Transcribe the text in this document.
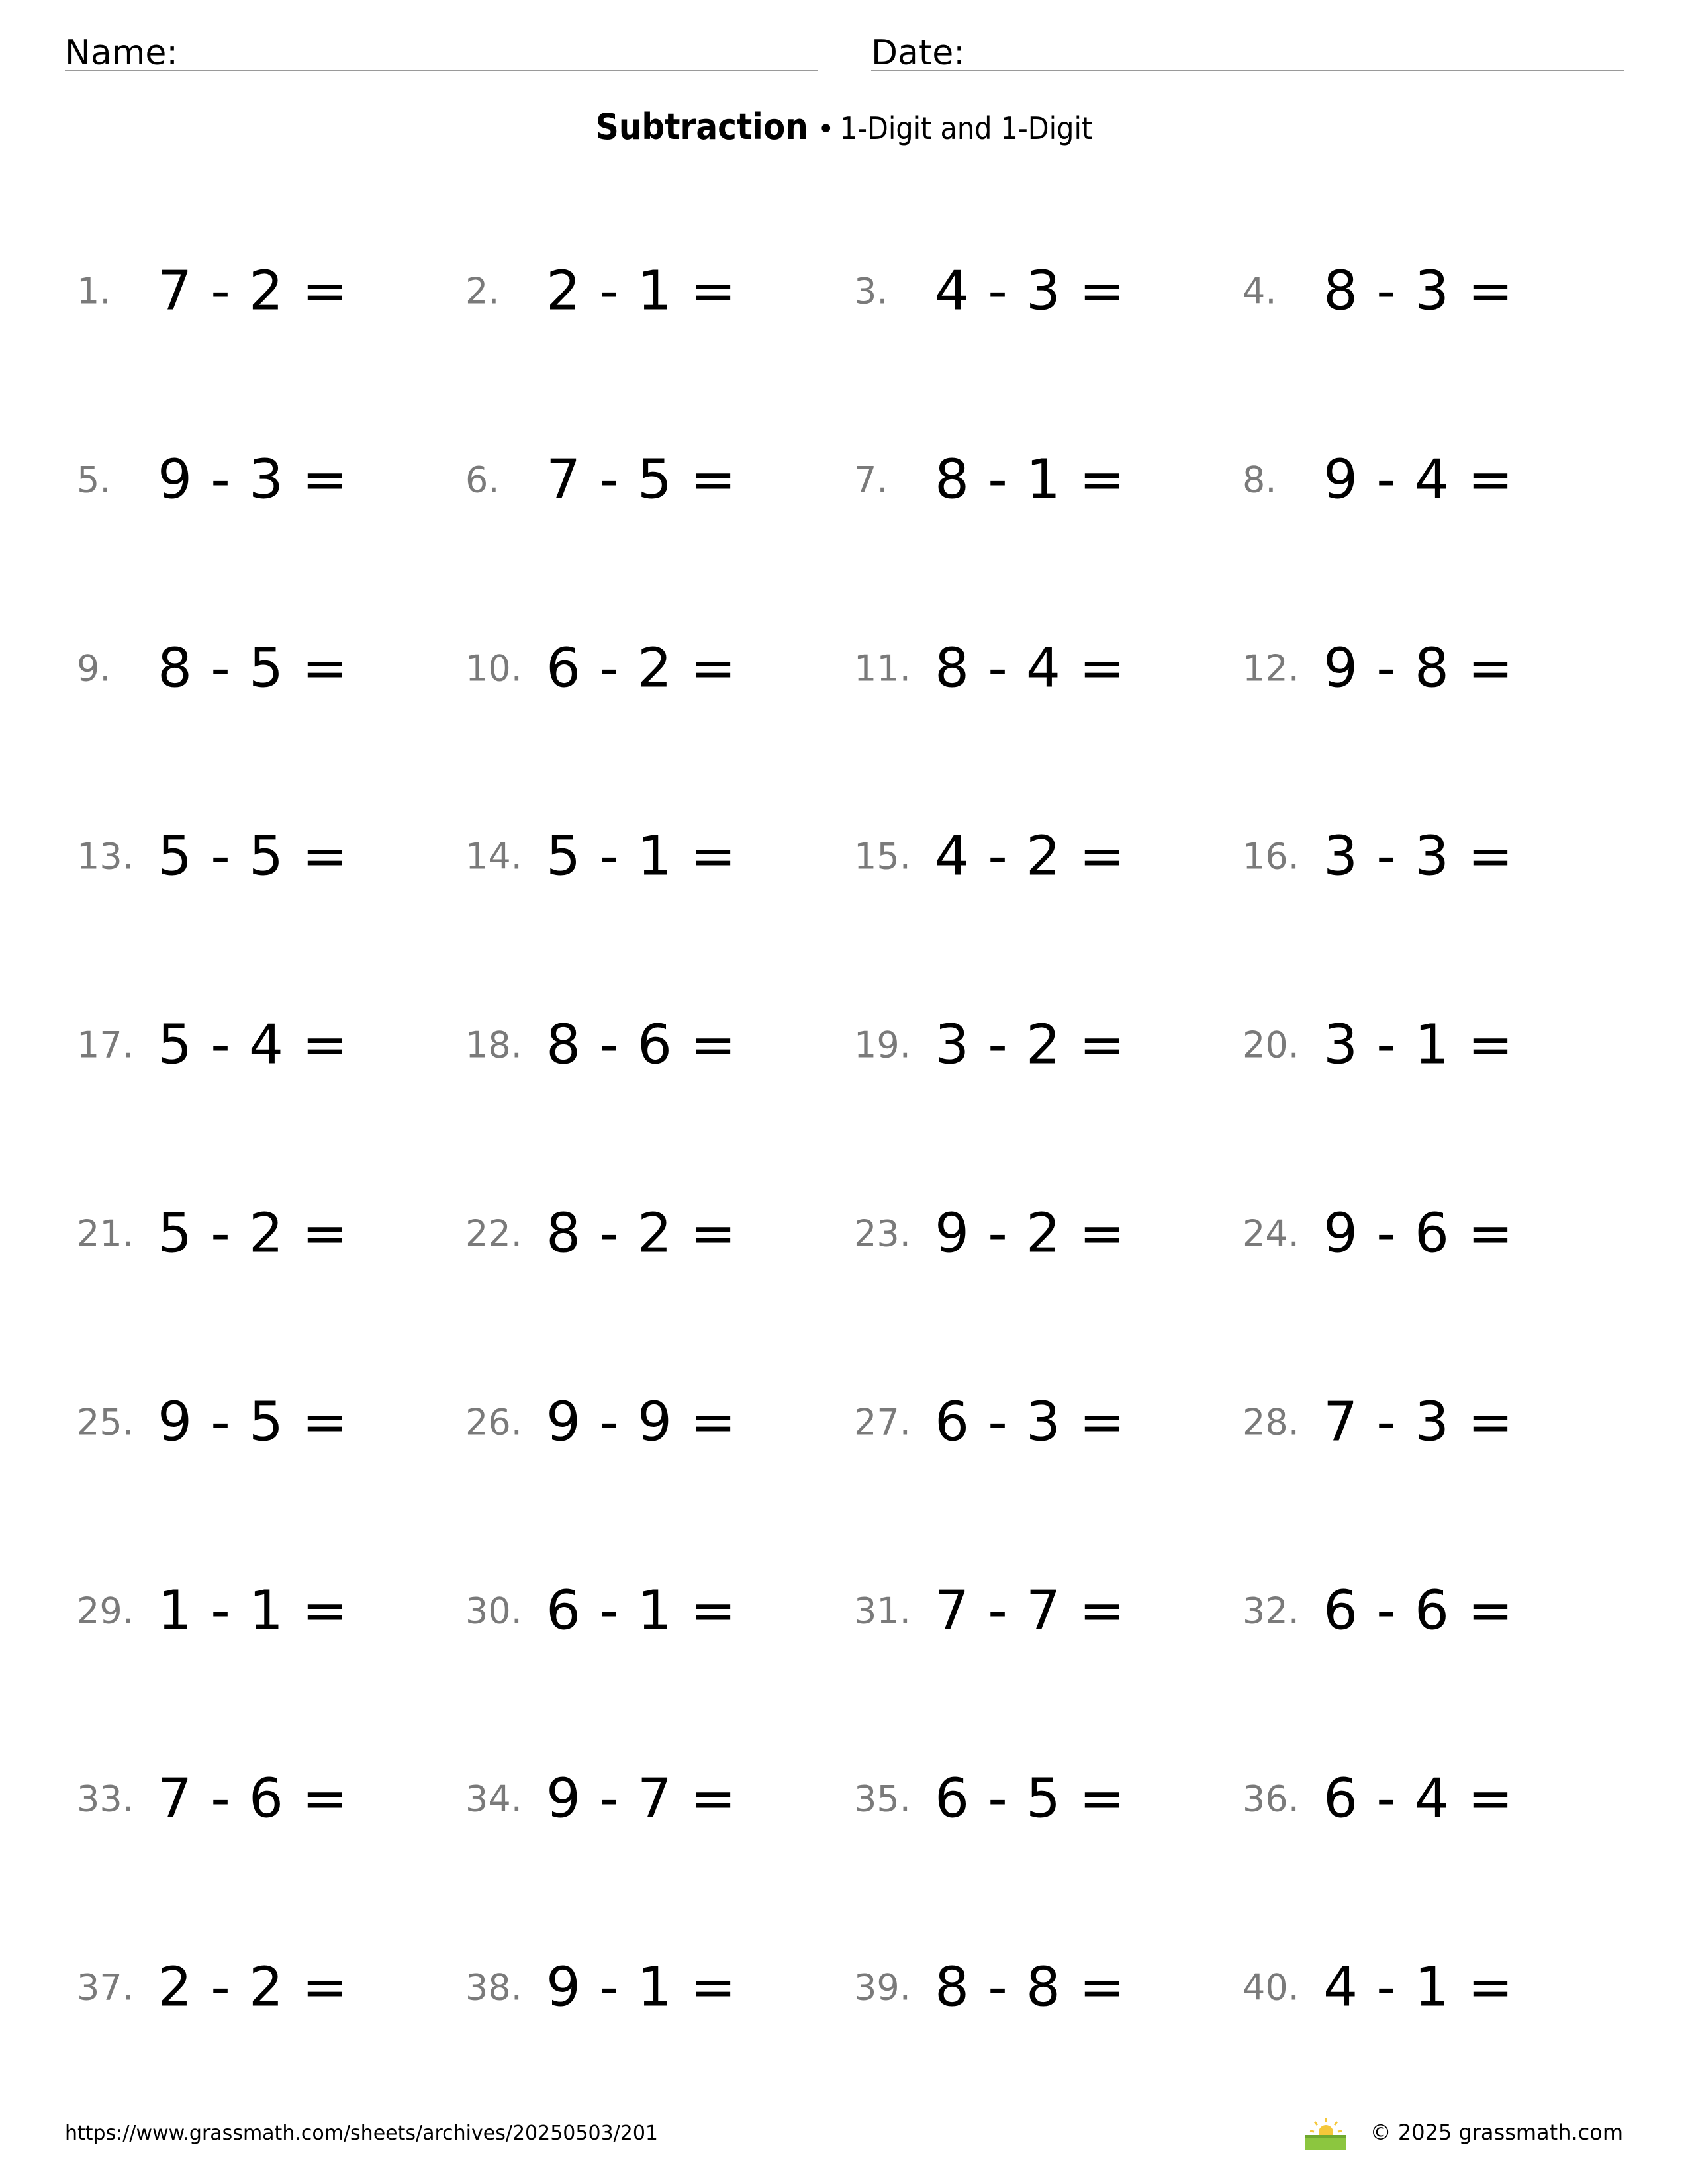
Name:	Date:
Subtraction • 1-Digit and 1-Digit
1. 7 - 2 =	2. 2 - 1 =	3. 4 - 3 =	4. 8 - 3 =
5. 9 - 3 =	6. 7 - 5 =	7. 8 - 1 =	8. 9 - 4 =
9. 8 - 5 =	10. 6 - 2 =	11. 8 - 4 =	12. 9 - 8 =
13. 5 - 5 =	14. 5 - 1 =	15. 4 - 2 =	16. 3 - 3 =
17. 5 - 4 =	18. 8 - 6 =	19. 3 - 2 =	20. 3 - 1 =
21. 5 - 2 =	22. 8 - 2 =	23. 9 - 2 =	24. 9 - 6 =
25. 9 - 5 =	26. 9 - 9 =	27. 6 - 3 =	28. 7 - 3 =
29. 1 - 1 =	30. 6 - 1 =	31. 7 - 7 =	32. 6 - 6 =
33. 7 - 6 =	34. 9 - 7 =	35. 6 - 5 =	36. 6 - 4 =
37. 2 - 2 =	38. 9 - 1 =	39. 8 - 8 =	40. 4 - 1 =
https://www.grassmath.com/sheets/archives/20250503/201	© 2025 grassmath.com
